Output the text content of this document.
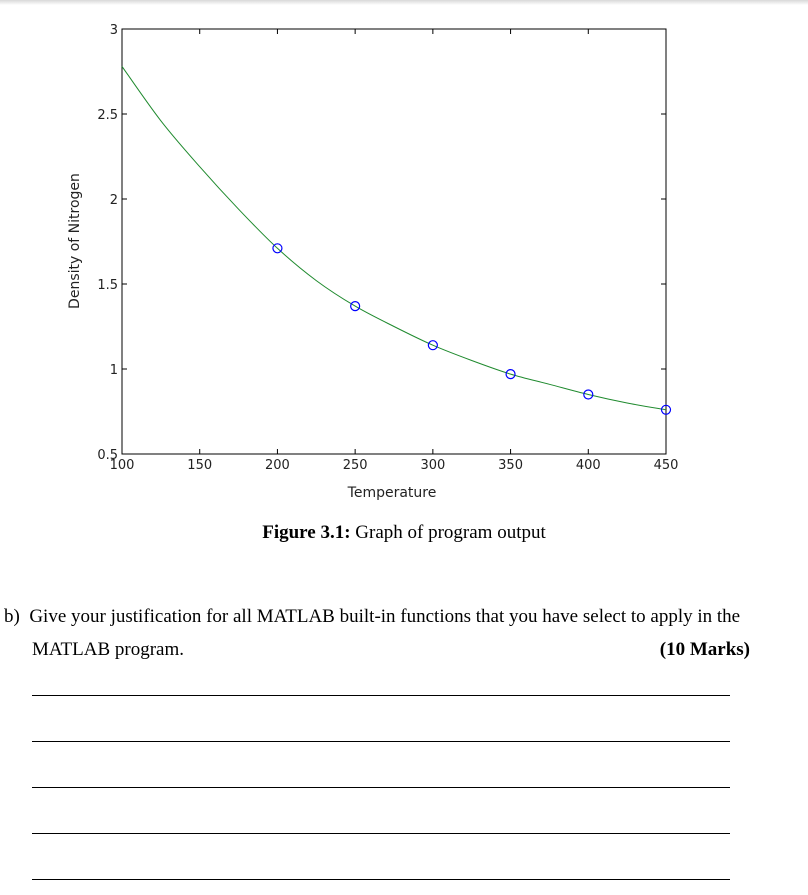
100	150	200	250	300	350	400	450
0.5
1
1.5
2
2.5
3
Temperature
Density of Nitrogen
Figure 3.1: Graph of program output
b)  Give your justification for all MATLAB built-in functions that you have select to apply in the
MATLAB program.	(10 Marks)
